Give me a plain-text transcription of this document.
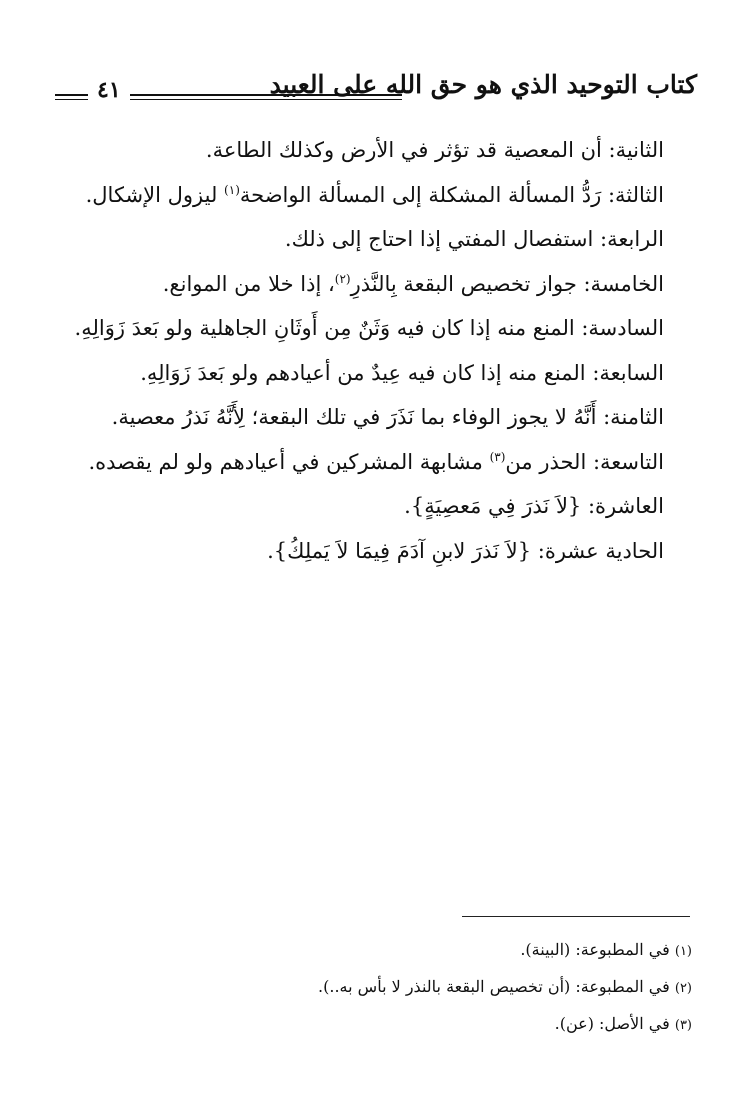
٤١	كتاب التوحيد الذي هو حق الله على العبيد
الثانية: أن المعصية قد تؤثر في الأرض وكذلك الطاعة.
الثالثة: رَدُّ المسألة المشكلة إلى المسألة الواضحة$^{(١)}$ ليزول الإشكال.
الرابعة: استفصال المفتي إذا احتاج إلى ذلك.
الخامسة: جواز تخصيص البقعة بِالنَّذرِ$^{(٢)}$، إذا خلا من الموانع.
السادسة: المنع منه إذا كان فيه وَثَنٌ مِن أَوثَانِ الجاهلية ولو بَعدَ زَوَالِهِ.
السابعة: المنع منه إذا كان فيه عِيدٌ من أعيادهم ولو بَعدَ زَوَالِهِ.
الثامنة: أَنَّهُ لا يجوز الوفاء بما نَذَرَ في تلك البقعة؛ لِأَنَّهُ نَذرُ معصية.
التاسعة: الحذر من$^{(٣)}$ مشابهة المشركين في أعيادهم ولو لم يقصده.
العاشرة: {لاَ نَذرَ فِي مَعصِيَةٍ}.
الحادية عشرة: {لاَ نَذرَ لابنِ آدَمَ فِيمَا لاَ يَملِكُ}.
(١) في المطبوعة: (البينة).
(٢) في المطبوعة: (أن تخصيص البقعة بالنذر لا بأس به..).
(٣) في الأصل: (عن).
